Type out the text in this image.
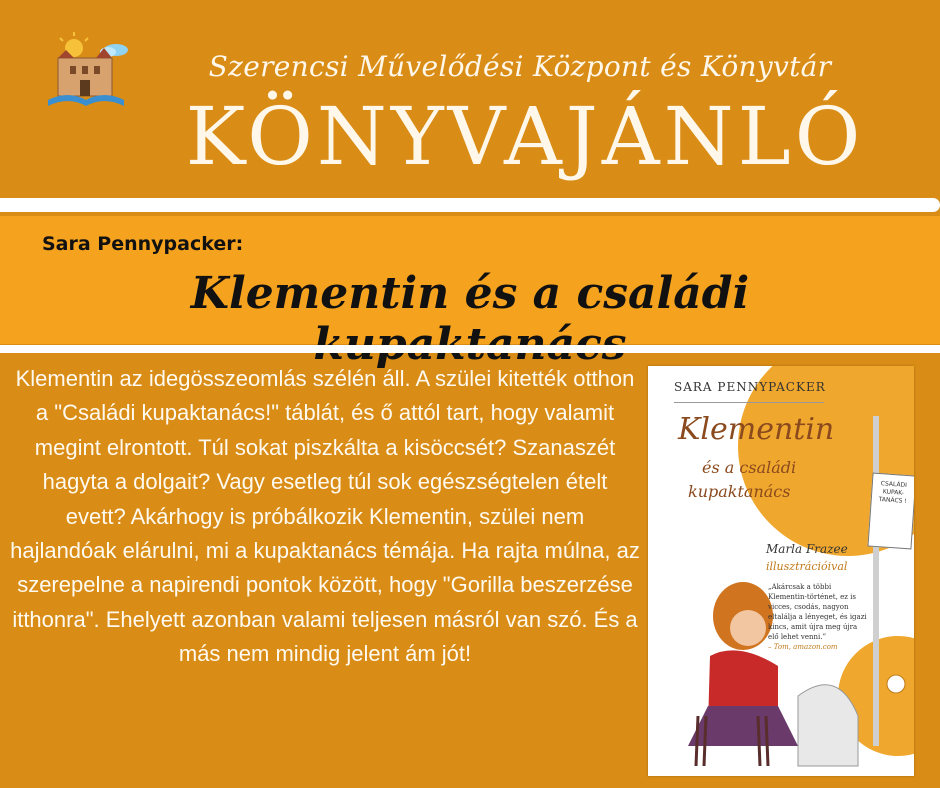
Szerencsi Művelődési Központ és Könyvtár
KÖNYVAJÁNLÓ
Sara Pennypacker:
Klementin és a családi
Klementin az idegösszeomlás szélén áll. A szülei kitették otthon a "Családi kupaktanács!" táblát, és ő attól tart, hogy valamit megint elrontott. Túl sokat piszkálta a kisöccsét? Szanaszét hagyta a dolgait? Vagy esetleg túl sok egészségtelen ételt evett? Akárhogy is próbálkozik Klementin, szülei nem hajlandóak elárulni, mi a kupaktanács témája. Ha rajta múlna, az szerepelne a napirendi pontok között, hogy "Gorilla beszerzése itthonra". Ehelyett azonban valami teljesen másról van szó. És a más nem mindig jelent ám jót!
SARA PENNYPACKER
Klementin
és a családi
kupaktanács
Marla Frazee
illusztrációival
„Akárcsak a többi Klementin-történet, ez is vicces, csodás, nagyon eltalálja a lényeget, és igazi kincs, amit újra meg újra elő lehet venni.”
– Tom, amazon.com
CSALÁDI KUPAK-TANÁCS !
